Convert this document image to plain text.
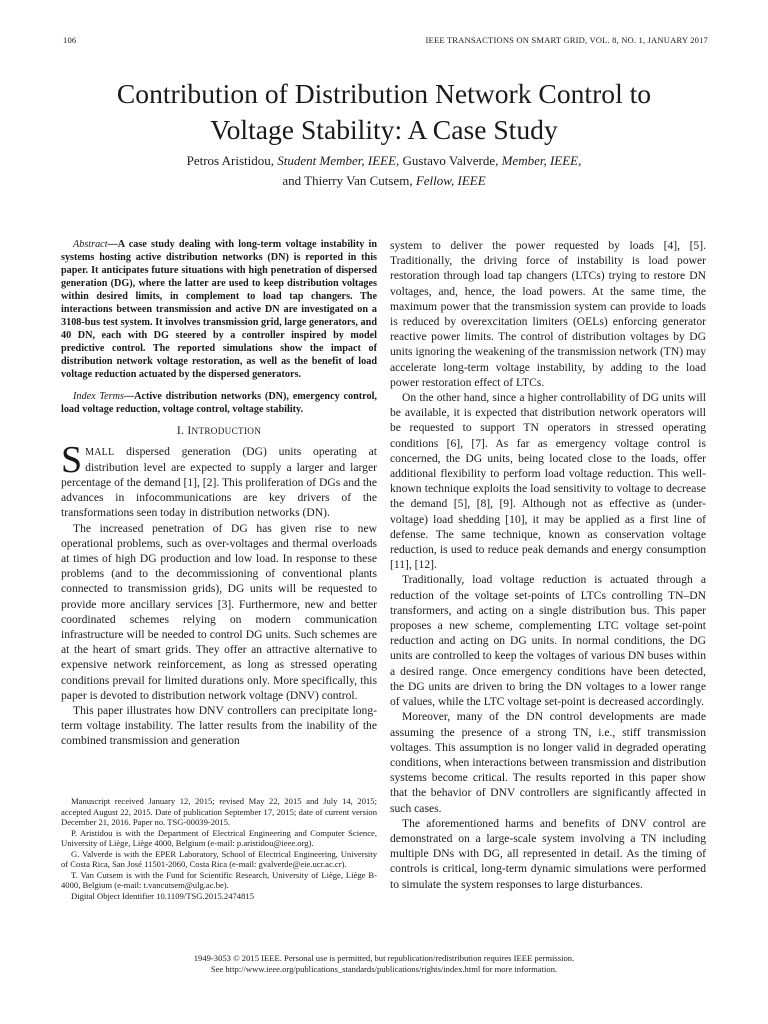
106	IEEE TRANSACTIONS ON SMART GRID, VOL. 8, NO. 1, JANUARY 2017
Contribution of Distribution Network Control to
Voltage Stability: A Case Study
Petros Aristidou, Student Member, IEEE, Gustavo Valverde, Member, IEEE,
and Thierry Van Cutsem, Fellow, IEEE

Abstract—A case study dealing with long-term voltage instability in systems hosting active distribution networks (DN) is reported in this paper. It anticipates future situations with high penetration of dispersed generation (DG), where the latter are used to keep distribution voltages within desired limits, in complement to load tap changers. The interactions between transmission and active DN are investigated on a 3108-bus test system. It involves transmission grid, large generators, and 40 DN, each with DG steered by a controller inspired by model predictive control. The reported simulations show the impact of distribution network voltage restoration, as well as the benefit of load voltage reduction actuated by the dispersed generators.

Index Terms—Active distribution networks (DN), emergency control, load voltage reduction, voltage control, voltage stability.

I. INTRODUCTION

SMALL dispersed generation (DG) units operating at distribution level are expected to supply a larger and larger percentage of the demand [1], [2]. This proliferation of DGs and the advances in infocommunications are key drivers of the transformations seen today in distribution networks (DN).

The increased penetration of DG has given rise to new operational problems, such as over-voltages and thermal overloads at times of high DG production and low load. In response to these problems (and to the decommissioning of conventional plants connected to transmission grids), DG units will be requested to provide more ancillary services [3]. Furthermore, new and better coordinated schemes relying on modern communication infrastructure will be needed to control DG units. Such schemes are at the heart of smart grids. They offer an attractive alternative to expensive network reinforcement, as long as stressed operating conditions prevail for limited durations only. More specifically, this paper is devoted to distribution network voltage (DNV) control.

This paper illustrates how DNV controllers can precipitate long-term voltage instability. The latter results from the inability of the combined transmission and generation

Manuscript received January 12, 2015; revised May 22, 2015 and July 14, 2015; accepted August 22, 2015. Date of publication September 17, 2015; date of current version December 21, 2016. Paper no. TSG-00039-2015.

P. Aristidou is with the Department of Electrical Engineering and Computer Science, University of Liège, Liège 4000, Belgium (e-mail: p.aristidou@ieee.org).

G. Valverde is with the EPER Laboratory, School of Electrical Engineering, University of Costa Rica, San José 11501-2060, Costa Rica (e-mail: gvalverde@eie.ucr.ac.cr).

T. Van Cutsem is with the Fund for Scientific Research, University of Liège, Liège B-4000, Belgium (e-mail: t.vancutsem@ulg.ac.be).

Digital Object Identifier 10.1109/TSG.2015.2474815

system to deliver the power requested by loads [4], [5]. Traditionally, the driving force of instability is load power restoration through load tap changers (LTCs) trying to restore DN voltages, and, hence, the load powers. At the same time, the maximum power that the transmission system can provide to loads is reduced by overexcitation limiters (OELs) enforcing generator reactive power limits. The control of distribution voltages by DG units ignoring the weakening of the transmission network (TN) may accelerate long-term voltage instability, by adding to the load power restoration effect of LTCs.

On the other hand, since a higher controllability of DG units will be available, it is expected that distribution network operators will be requested to support TN operators in stressed operating conditions [6], [7]. As far as emergency voltage control is concerned, the DG units, being located close to the loads, offer additional flexibility to perform load voltage reduction. This well-known technique exploits the load sensitivity to voltage to decrease the demand [5], [8], [9]. Although not as effective as (under-voltage) load shedding [10], it may be applied as a first line of defense. The same technique, known as conservation voltage reduction, is used to reduce peak demands and energy consumption [11], [12].

Traditionally, load voltage reduction is actuated through a reduction of the voltage set-points of LTCs controlling TN–DN transformers, and acting on a single distribution bus. This paper proposes a new scheme, complementing LTC voltage set-point reduction and acting on DG units. In normal conditions, the DG units are controlled to keep the voltages of various DN buses within a desired range. Once emergency conditions have been detected, the DG units are driven to bring the DN voltages to a lower range of values, while the LTC voltage set-point is decreased accordingly.

Moreover, many of the DN control developments are made assuming the presence of a strong TN, i.e., stiff transmission voltages. This assumption is no longer valid in degraded operating conditions, when interactions between transmission and distribution systems become critical. The results reported in this paper show that the behavior of DNV controllers are significantly affected in such cases.

The aforementioned harms and benefits of DNV control are demonstrated on a large-scale system involving a TN including multiple DNs with DG, all represented in detail. As the timing of controls is critical, long-term dynamic simulations were performed to simulate the system responses to large disturbances.

1949-3053 © 2015 IEEE. Personal use is permitted, but republication/redistribution requires IEEE permission.
See http://www.ieee.org/publications_standards/publications/rights/index.html for more information.
